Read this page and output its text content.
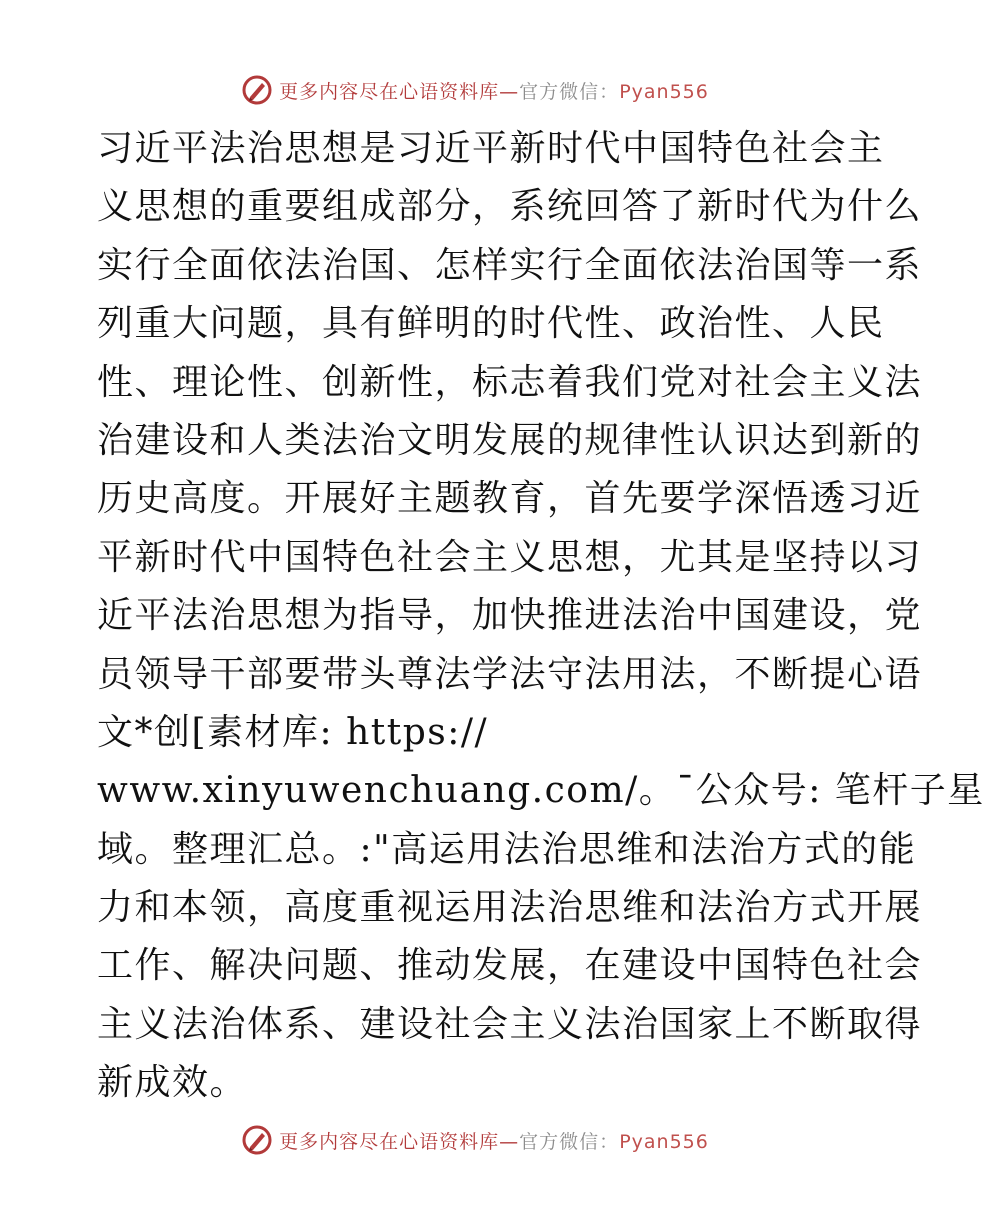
更多内容尽在心语资料库—官方微信：Pyan556
习近平法治思想是习近平新时代中国特色社会主
义思想的重要组成部分，系统回答了新时代为什么
实行全面依法治国、怎样实行全面依法治国等一系
列重大问题，具有鲜明的时代性、政治性、人民
性、理论性、创新性，标志着我们党对社会主义法
治建设和人类法治文明发展的规律性认识达到新的
历史高度。开展好主题教育，首先要学深悟透习近
平新时代中国特色社会主义思想，尤其是坚持以习
近平法治思想为指导，加快推进法治中国建设，党
员领导干部要带头尊法学法守法用法，不断提心语
文*创[素材库: https://
www.xinyuwenchuang.com/。¯公众号: 笔杆子星
域。整理汇总。:"高运用法治思维和法治方式的能
力和本领，高度重视运用法治思维和法治方式开展
工作、解决问题、推动发展，在建设中国特色社会
主义法治体系、建设社会主义法治国家上不断取得
新成效。
更多内容尽在心语资料库—官方微信：Pyan556
